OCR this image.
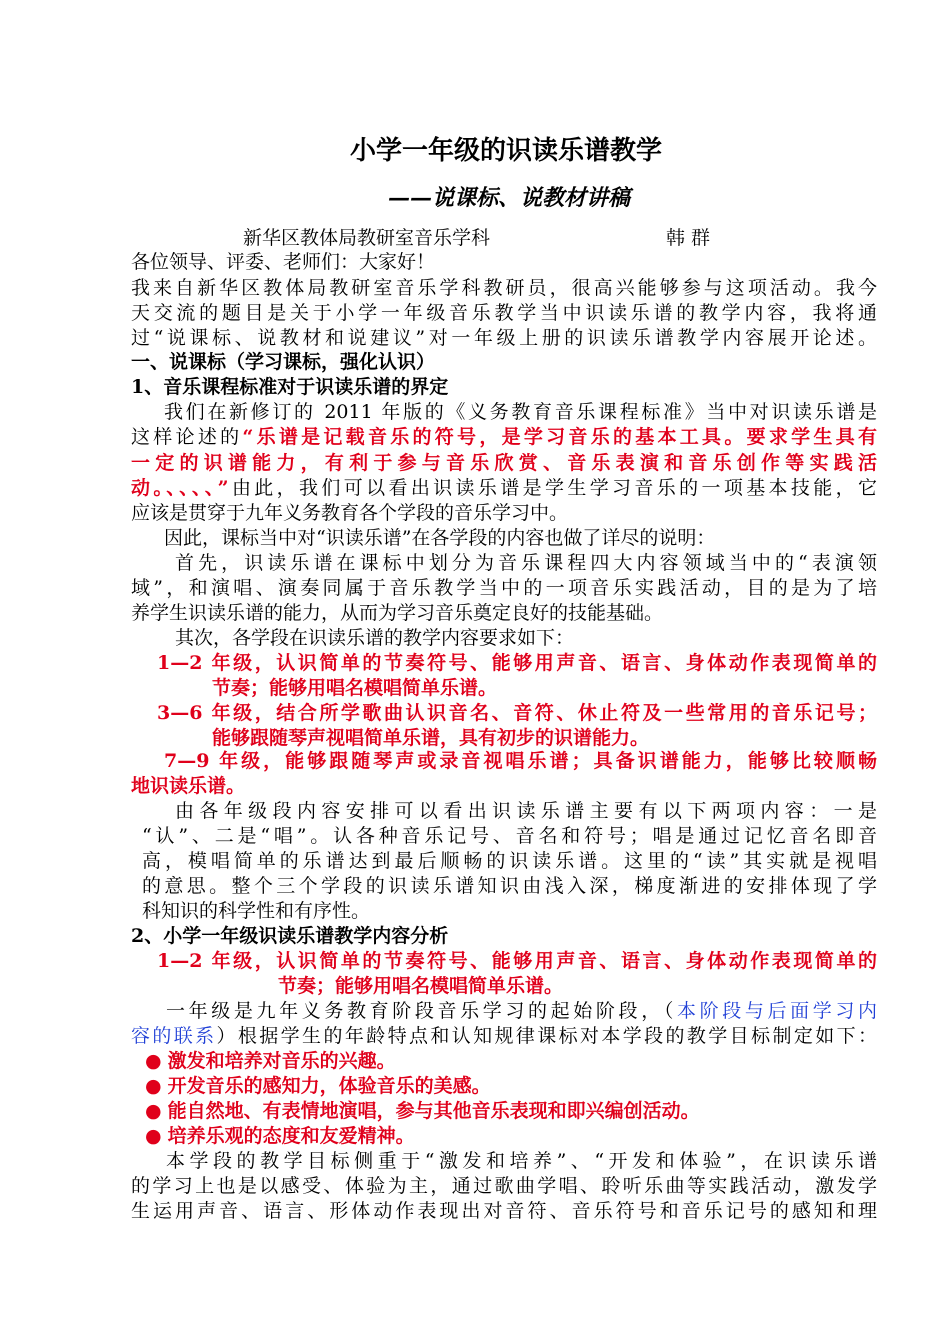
小学一年级的识读乐谱教学
——说课标、说教材讲稿
新华区教体局教研室音乐学科	韩 群
各位领导、评委、老师们：大家好！
我来自新华区教体局教研室音乐学科教研员，很高兴能够参与这项活动。我今
天交流的题目是关于小学一年级音乐教学当中识读乐谱的教学内容，我将通
过“说课标、说教材和说建议”对一年级上册的识读乐谱教学内容展开论述。
一、说课标（学习课标，强化认识）
1、音乐课程标准对于识读乐谱的界定
我们在新修订的 2011 年版的《义务教育音乐课程标准》当中对识读乐谱是
这样论述的“乐谱是记载音乐的符号，是学习音乐的基本工具。要求学生具有
一定的识谱能力，有利于参与音乐欣赏、音乐表演和音乐创作等实践活
动。、、、、”由此，我们可以看出识读乐谱是学生学习音乐的一项基本技能，它
应该是贯穿于九年义务教育各个学段的音乐学习中。
因此，课标当中对“识读乐谱”在各学段的内容也做了详尽的说明：
首先，识读乐谱在课标中划分为音乐课程四大内容领域当中的“表演领
域”，和演唱、演奏同属于音乐教学当中的一项音乐实践活动，目的是为了培
养学生识读乐谱的能力，从而为学习音乐奠定良好的技能基础。
其次，各学段在识读乐谱的教学内容要求如下：
1—2 年级，认识简单的节奏符号、能够用声音、语言、身体动作表现简单的
节奏；能够用唱名模唱简单乐谱。
3—6 年级，结合所学歌曲认识音名、音符、休止符及一些常用的音乐记号；
能够跟随琴声视唱简单乐谱，具有初步的识谱能力。
7—9 年级，能够跟随琴声或录音视唱乐谱；具备识谱能力，能够比较顺畅
地识读乐谱。
由各年级段内容安排可以看出识读乐谱主要有以下两项内容：一是
“认”、二是“唱”。认各种音乐记号、音名和符号；唱是通过记忆音名即音
高，模唱简单的乐谱达到最后顺畅的识读乐谱。这里的“读”其实就是视唱
的意思。整个三个学段的识读乐谱知识由浅入深，梯度渐进的安排体现了学
科知识的科学性和有序性。
2、小学一年级识读乐谱教学内容分析
1—2 年级，认识简单的节奏符号、能够用声音、语言、身体动作表现简单的
节奏；能够用唱名模唱简单乐谱。
一年级是九年义务教育阶段音乐学习的起始阶段，（本阶段与后面学习内
容的联系）根据学生的年龄特点和认知规律课标对本学段的教学目标制定如下：
● 激发和培养对音乐的兴趣。
● 开发音乐的感知力，体验音乐的美感。
● 能自然地、有表情地演唱，参与其他音乐表现和即兴编创活动。
● 培养乐观的态度和友爱精神。
本学段的教学目标侧重于“激发和培养”、“开发和体验”，在识读乐谱
的学习上也是以感受、体验为主，通过歌曲学唱、聆听乐曲等实践活动，激发学
生运用声音、语言、形体动作表现出对音符、音乐符号和音乐记号的感知和理
